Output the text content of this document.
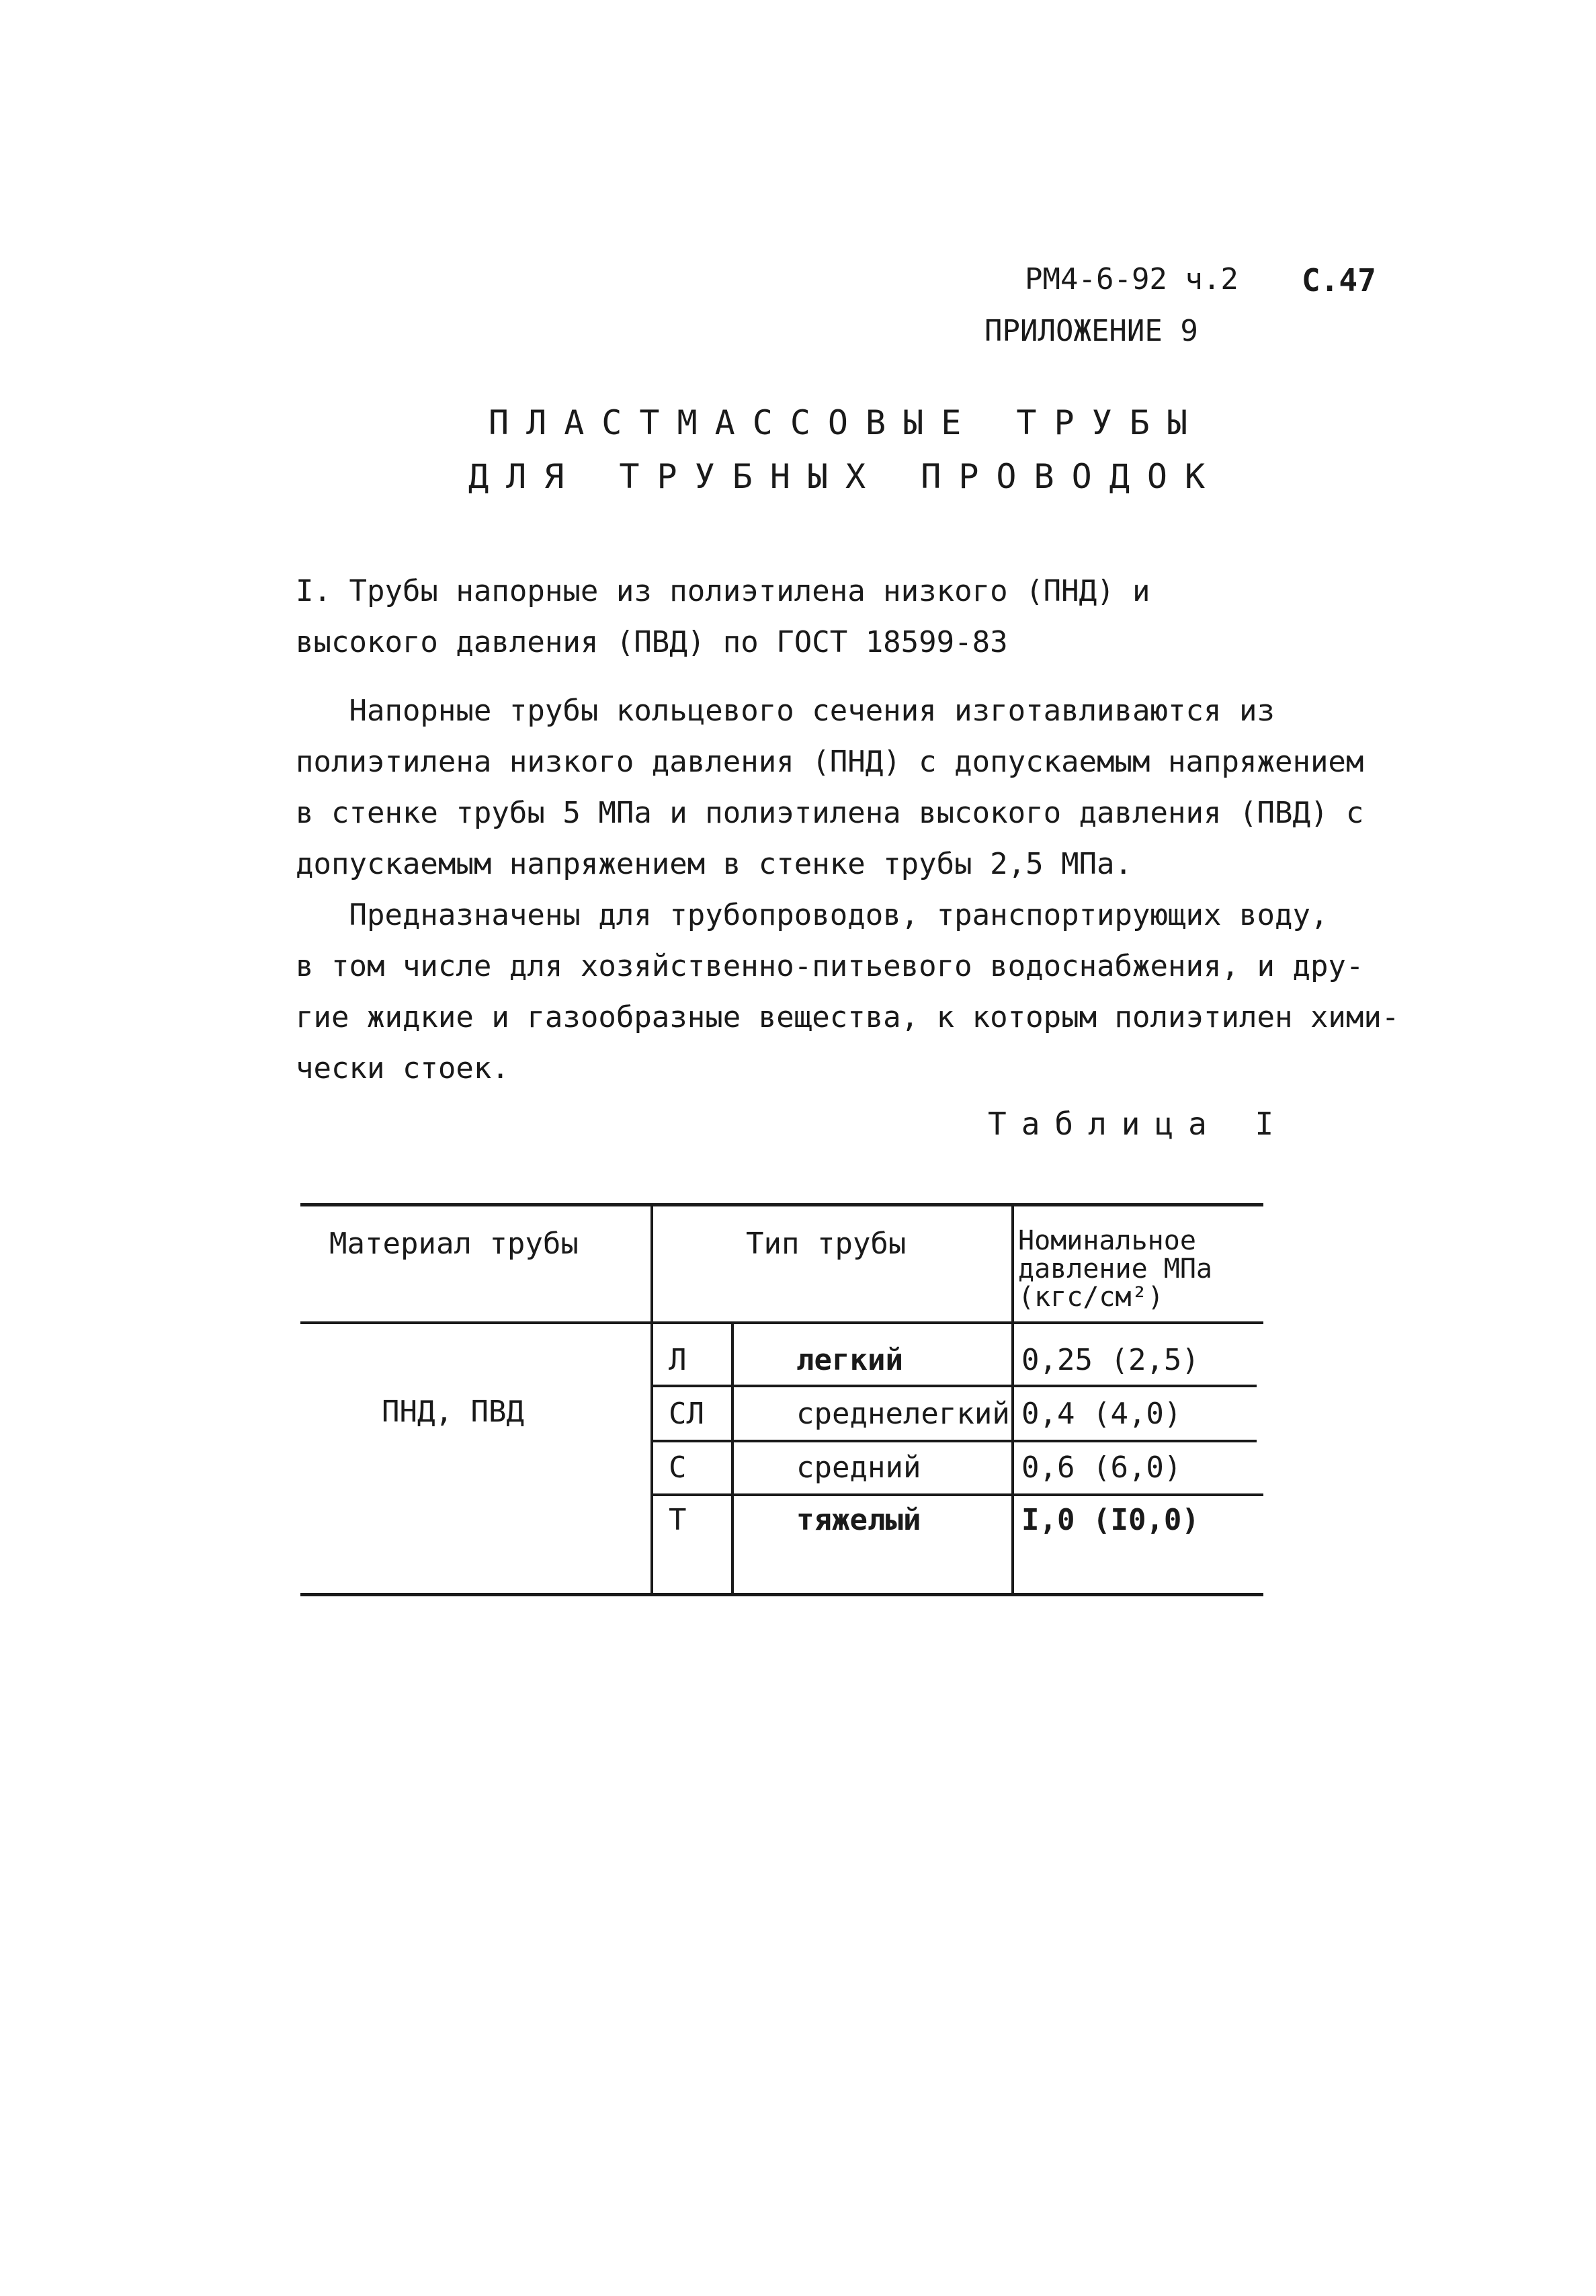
РМ4-6-92 ч.2 С.47
ПРИЛОЖЕНИЕ 9
ПЛАСТМАССОВЫЕ ТРУБЫ
ДЛЯ ТРУБНЫХ ПРОВОДОК
I. Трубы напорные из полиэтилена низкого (ПНД) и
высокого давления (ПВД) по ГОСТ 18599-83
Напорные трубы кольцевого сечения изготавливаются из
полиэтилена низкого давления (ПНД) с допускаемым напряжением
в стенке трубы 5 МПа и полиэтилена высокого давления (ПВД) с
допускаемым напряжением в стенке трубы 2,5 МПа.
Предназначены для трубопроводов, транспортирующих воду,
в том числе для хозяйственно-питьевого водоснабжения, и дру-
гие жидкие и газообразные вещества, к которым полиэтилен хими-
чески стоек.
Таблица I
Материал трубы	Тип трубы	Номинальное давление МПа (кгс/см²)
ПНД, ПВД
Л	легкий	0,25 (2,5)
СЛ	среднелегкий 0,4 (4,0)
С	средний	0,6 (6,0)
Т	тяжелый	I,0 (I0,0)
